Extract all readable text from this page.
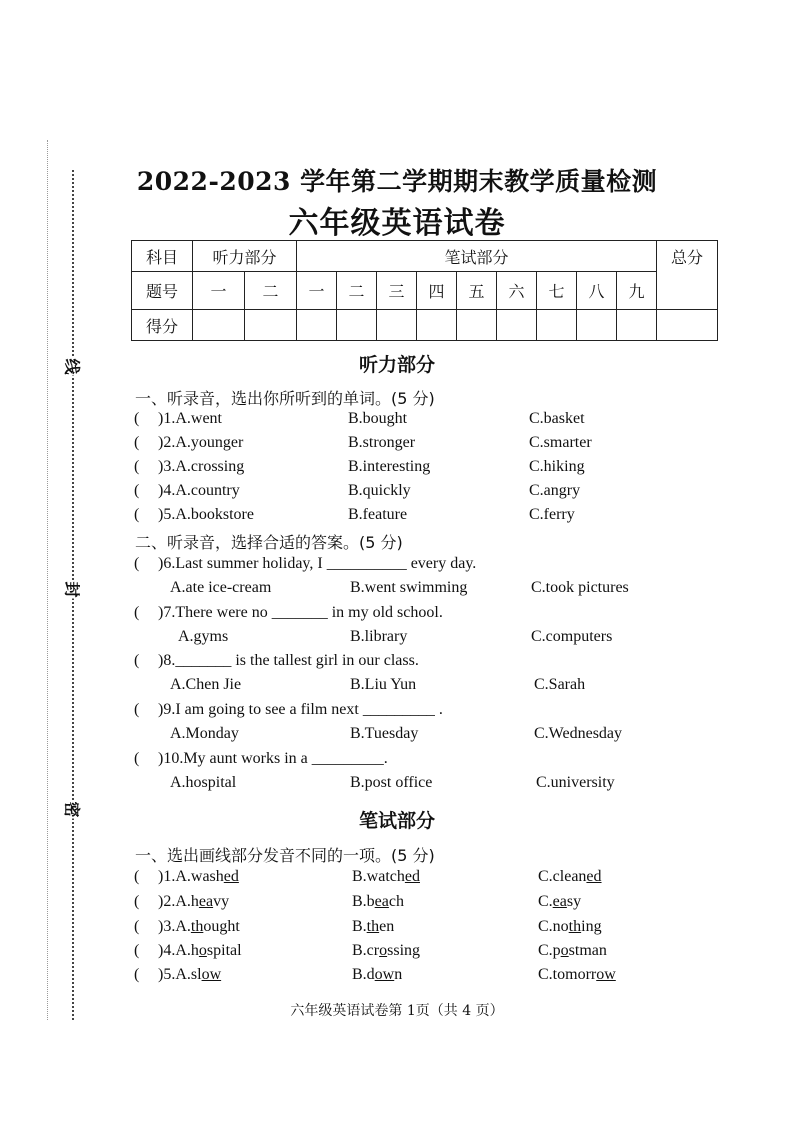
线
封
密
2022-2023 学年第二学期期末教学质量检测
六年级英语试卷
科目	听力部分		笔试部分									总分
题号	一	二	一	二	三	四	五	六	七	八	九	
得分												
听力部分
一、听录音，选出你所听到的单词。(5 分)
( )1.A.went	B.bought	C.basket
( )2.A.younger	B.stronger	C.smarter
( )3.A.crossing	B.interesting	C.hiking
( )4.A.country	B.quickly	C.angry
( )5.A.bookstore	B.feature	C.ferry
二、听录音，选择合适的答案。(5 分)
( )6.Last summer holiday, I __________ every day.
A.ate ice-cream	B.went swimming	C.took pictures
( )7.There were no _______ in my old school.
A.gyms	B.library	C.computers
( )8._______ is the tallest girl in our class.
A.Chen Jie	B.Liu Yun	C.Sarah
( )9.I am going to see a film next _________ .
A.Monday	B.Tuesday	C.Wednesday
( )10.My aunt works in a _________.
A.hospital	B.post office	C.university
笔试部分
一、选出画线部分发音不同的一项。(5 分)
( )1.A.washed	B.watched	C.cleaned
( )2.A.heavy	B.beach	C.easy
( )3.A.thought	B.then	C.nothing
( )4.A.hospital	B.crossing	C.postman
( )5.A.slow	B.down	C.tomorrow
六年级英语试卷第 1页（共 4 页）
